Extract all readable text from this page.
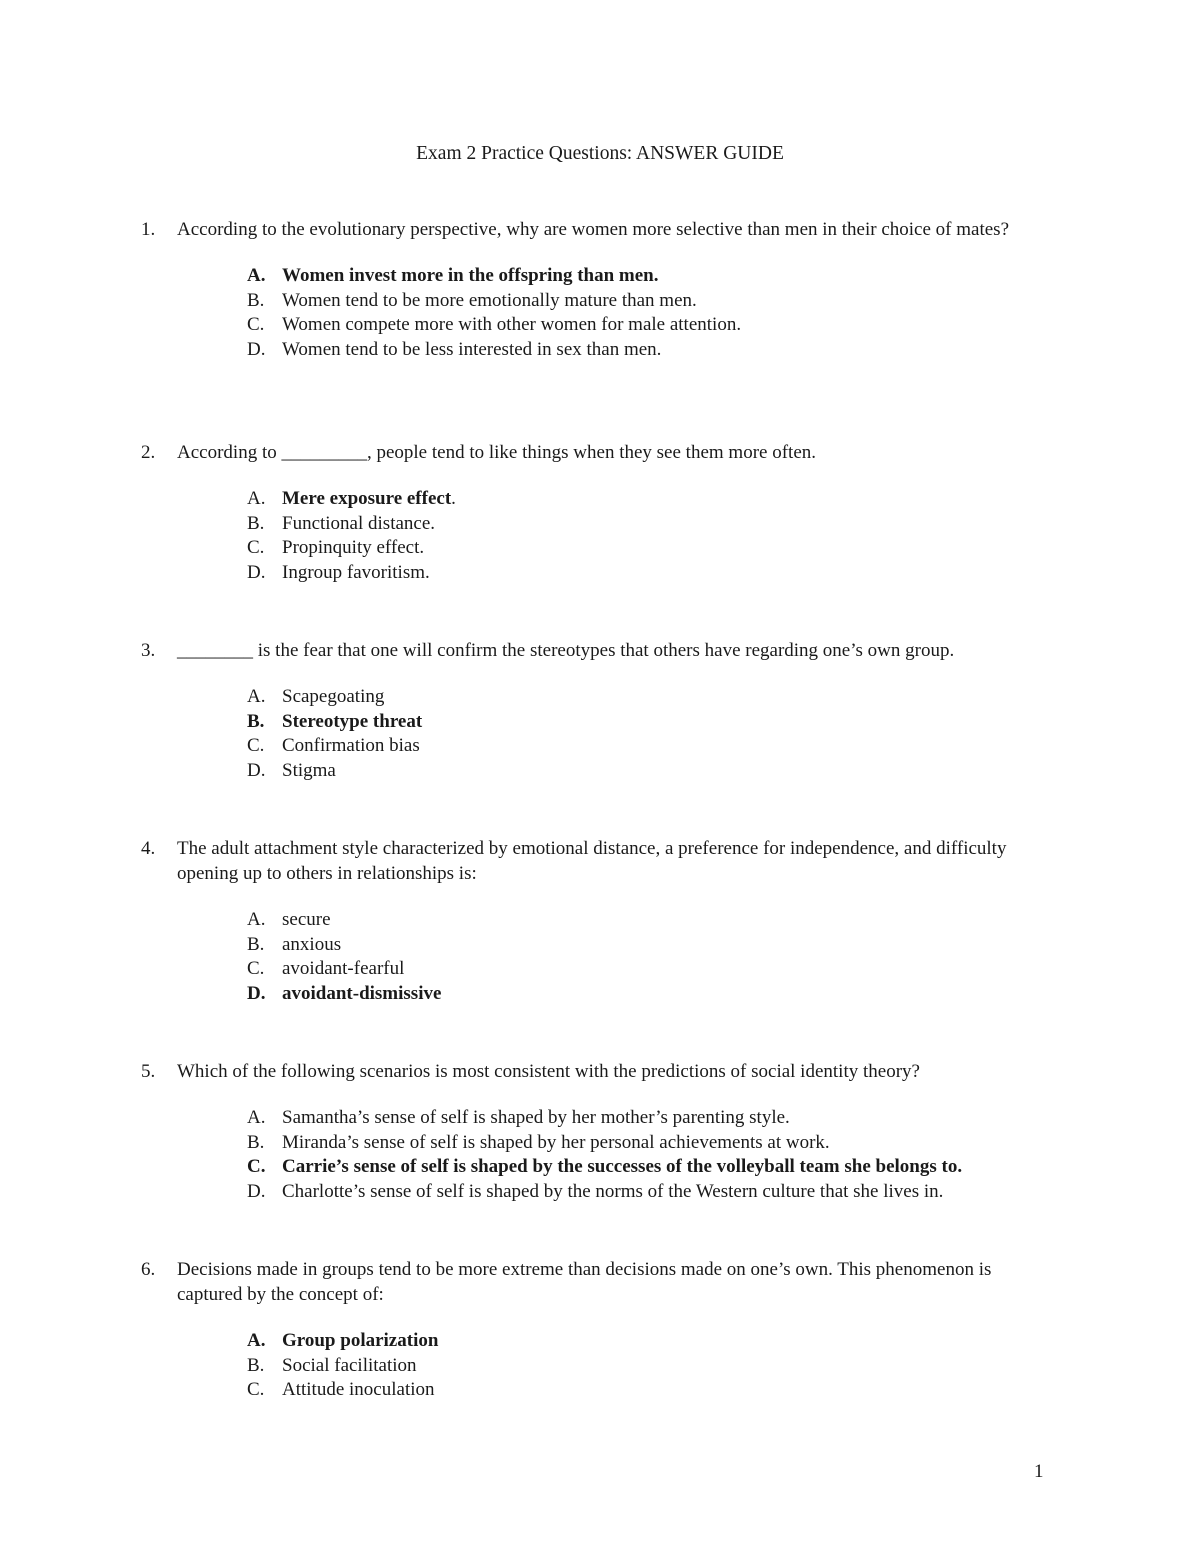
Exam 2 Practice Questions: ANSWER GUIDE
1. According to the evolutionary perspective, why are women more selective than men in their choice of mates?
A. Women invest more in the offspring than men.
B. Women tend to be more emotionally mature than men.
C. Women compete more with other women for male attention.
D. Women tend to be less interested in sex than men.
2. According to _________, people tend to like things when they see them more often.
A. Mere exposure effect.
B. Functional distance.
C. Propinquity effect.
D. Ingroup favoritism.
3. ________ is the fear that one will confirm the stereotypes that others have regarding one’s own group.
A. Scapegoating
B. Stereotype threat
C. Confirmation bias
D. Stigma
4. The adult attachment style characterized by emotional distance, a preference for independence, and difficulty opening up to others in relationships is:
A. secure
B. anxious
C. avoidant-fearful
D. avoidant-dismissive
5. Which of the following scenarios is most consistent with the predictions of social identity theory?
A. Samantha’s sense of self is shaped by her mother’s parenting style.
B. Miranda’s sense of self is shaped by her personal achievements at work.
C. Carrie’s sense of self is shaped by the successes of the volleyball team she belongs to.
D. Charlotte’s sense of self is shaped by the norms of the Western culture that she lives in.
6. Decisions made in groups tend to be more extreme than decisions made on one’s own. This phenomenon is captured by the concept of:
A. Group polarization
B. Social facilitation
C. Attitude inoculation
1
